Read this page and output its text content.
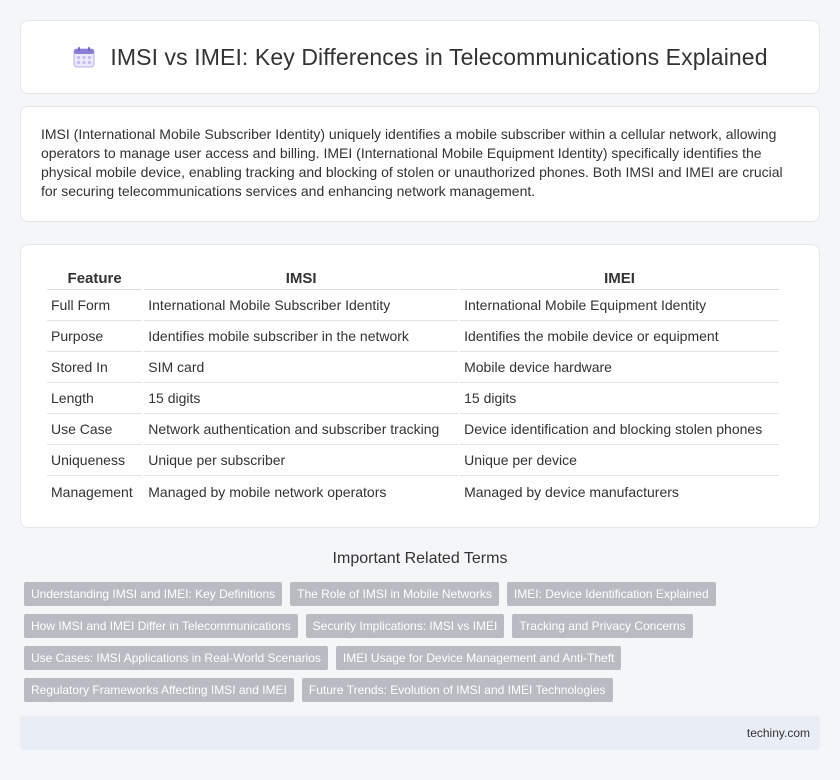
IMSI vs IMEI: Key Differences in Telecommunications Explained

IMSI (International Mobile Subscriber Identity) uniquely identifies a mobile subscriber within a cellular network, allowing operators to manage user access and billing. IMEI (International Mobile Equipment Identity) specifically identifies the physical mobile device, enabling tracking and blocking of stolen or unauthorized phones. Both IMSI and IMEI are crucial for securing telecommunications services and enhancing network management.

Feature	IMSI	IMEI
Full Form	International Mobile Subscriber Identity	International Mobile Equipment Identity
Purpose	Identifies mobile subscriber in the network	Identifies the mobile device or equipment
Stored In	SIM card	Mobile device hardware
Length	15 digits	15 digits
Use Case	Network authentication and subscriber tracking	Device identification and blocking stolen phones
Uniqueness	Unique per subscriber	Unique per device
Management	Managed by mobile network operators	Managed by device manufacturers
Important Related Terms
Understanding IMSI and IMEI: Key Definitions	The Role of IMSI in Mobile Networks	IMEI: Device Identification Explained
How IMSI and IMEI Differ in Telecommunications	Security Implications: IMSI vs IMEI	Tracking and Privacy Concerns
Use Cases: IMSI Applications in Real-World Scenarios	IMEI Usage for Device Management and Anti-Theft
Regulatory Frameworks Affecting IMSI and IMEI	Future Trends: Evolution of IMSI and IMEI Technologies
techiny.com
